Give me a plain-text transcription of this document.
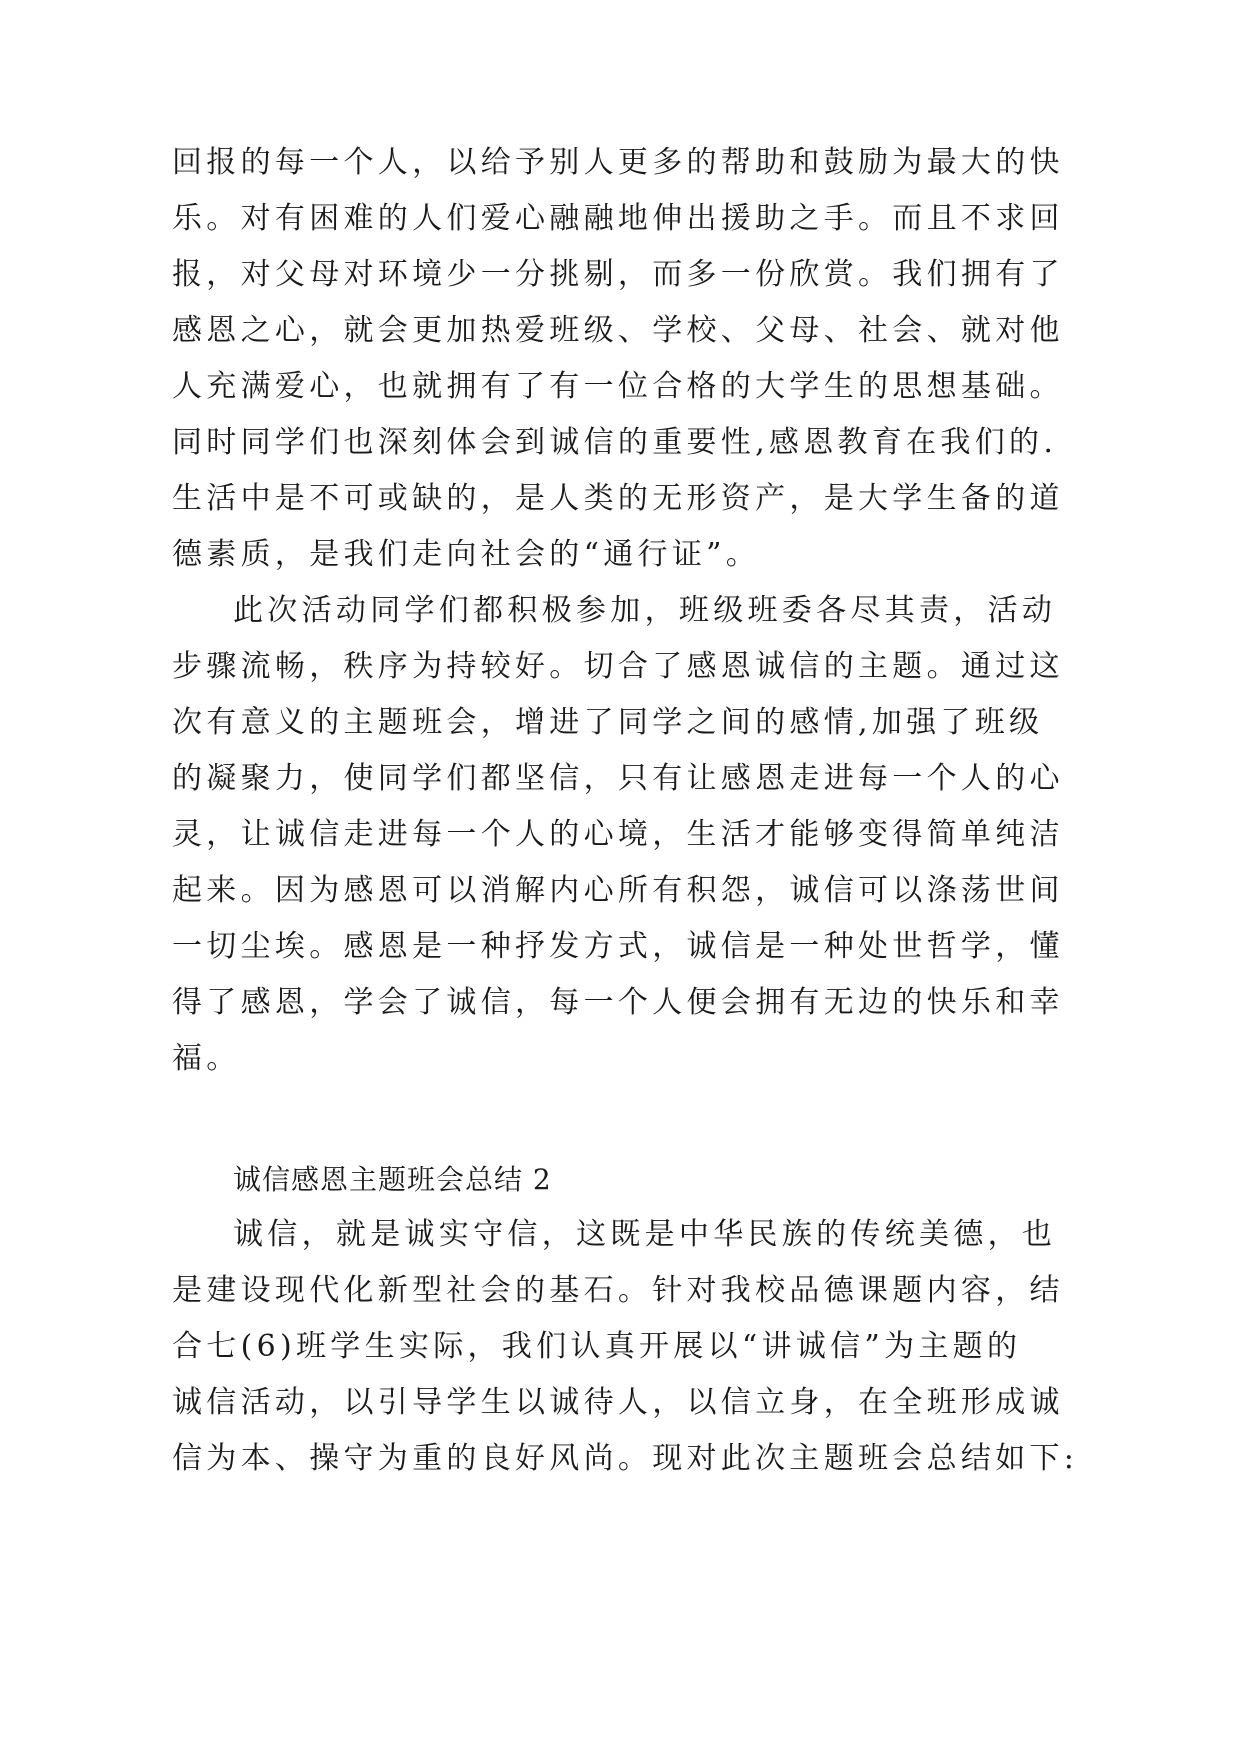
回报的每一个人，以给予别人更多的帮助和鼓励为最大的快
乐。对有困难的人们爱心融融地伸出援助之手。而且不求回
报，对父母对环境少一分挑剔，而多一份欣赏。我们拥有了
感恩之心，就会更加热爱班级、学校、父母、社会、就对他
人充满爱心，也就拥有了有一位合格的大学生的思想基础。
同时同学们也深刻体会到诚信的重要性,感恩教育在我们的.
生活中是不可或缺的，是人类的无形资产，是大学生备的道
德素质，是我们走向社会的“通行证”。
此次活动同学们都积极参加，班级班委各尽其责，活动
步骤流畅，秩序为持较好。切合了感恩诚信的主题。通过这
次有意义的主题班会，增进了同学之间的感情,加强了班级
的凝聚力，使同学们都坚信，只有让感恩走进每一个人的心
灵，让诚信走进每一个人的心境，生活才能够变得简单纯洁
起来。因为感恩可以消解内心所有积怨，诚信可以涤荡世间
一切尘埃。感恩是一种抒发方式，诚信是一种处世哲学，懂
得了感恩，学会了诚信，每一个人便会拥有无边的快乐和幸
福。
诚信感恩主题班会总结 2
诚信，就是诚实守信，这既是中华民族的传统美德，也
是建设现代化新型社会的基石。针对我校品德课题内容，结
合七(6)班学生实际，我们认真开展以“讲诚信”为主题的
诚信活动，以引导学生以诚待人，以信立身，在全班形成诚
信为本、操守为重的良好风尚。现对此次主题班会总结如下:
